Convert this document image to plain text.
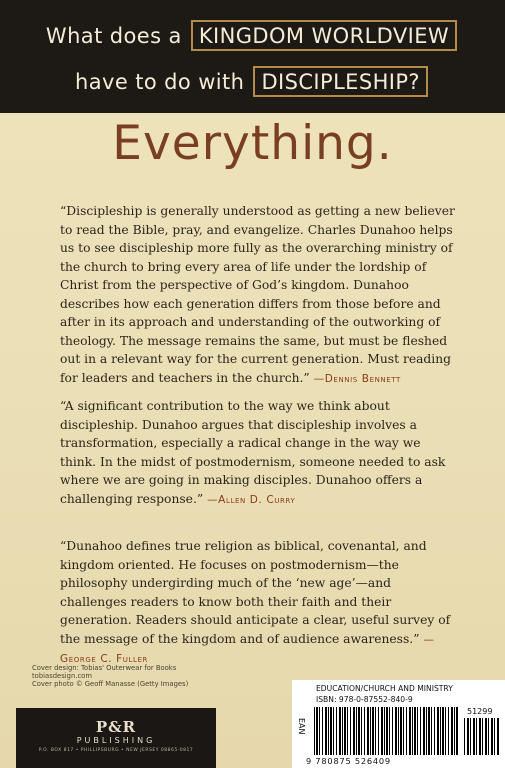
What does a KINGDOM WORLDVIEW
have to do with DISCIPLESHIP?
Everything.
“Discipleship is generally understood as getting a new believer to read the Bible, pray, and evangelize. Charles Dunahoo helps us to see discipleship more fully as the overarching ministry of the church to bring every area of life under the lordship of Christ from the perspective of God’s kingdom. Dunahoo describes how each generation differs from those before and after in its approach and understanding of the outworking of theology. The message remains the same, but must be fleshed out in a relevant way for the current generation. Must reading for leaders and teachers in the church.” —Dennis Bennett
“A significant contribution to the way we think about discipleship. Dunahoo argues that discipleship involves a transformation, especially a radical change in the way we think. In the midst of postmodernism, someone needed to ask where we are going in making disciples. Dunahoo offers a challenging response.” —Allen D. Curry
“Dunahoo defines true religion as biblical, covenantal, and kingdom oriented. He focuses on postmodernism—the philosophy undergirding much of the ‘new age’—and challenges readers to know both their faith and their generation. Readers should anticipate a clear, useful survey of the message of the kingdom and of audience awareness.” —George C. Fuller
Cover design: Tobias' Outerwear for Books
tobiasdesign.com
Cover photo © Geoff Manasse (Getty Images)
P&R
PUBLISHING
P.O. BOX 817 • PHILLIPSBURG • NEW JERSEY 08865-0817
EDUCATION/CHURCH AND MINISTRY
ISBN: 978-0-87552-840-9
EAN
51299
9 780875 526409
